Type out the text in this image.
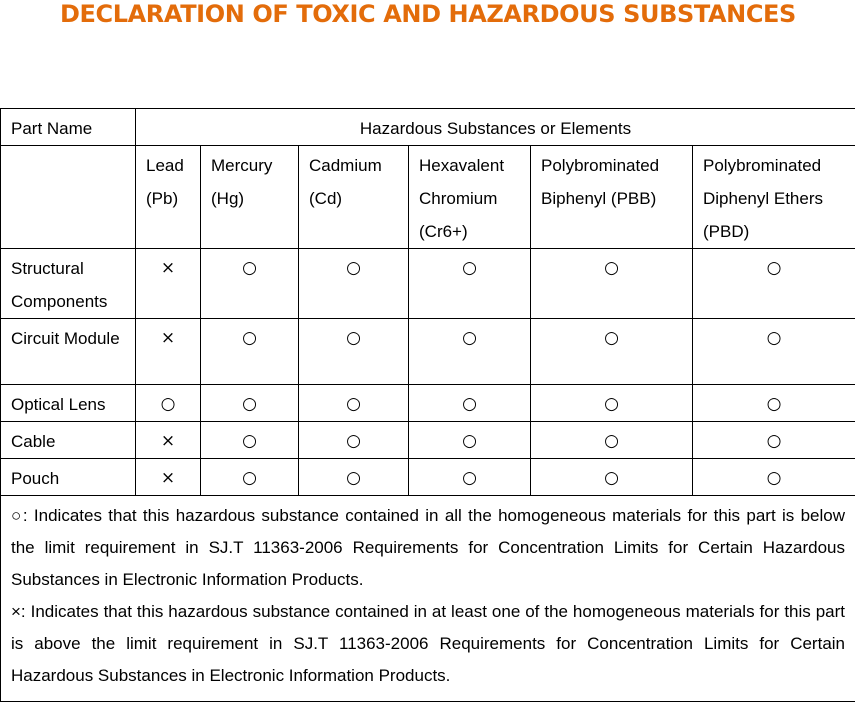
DECLARATION OF TOXIC AND HAZARDOUS SUBSTANCES
Part Name	Hazardous Substances or Elements					
	Lead (Pb)	Mercury (Hg)	Cadmium (Cd)	Hexavalent Chromium (Cr6+)	Polybrominated Biphenyl (PBB)	Polybrominated Diphenyl Ethers (PBD)
Structural Components	×	○	○	○	○	○
Circuit Module	×	○	○	○	○	○
Optical Lens	○	○	○	○	○	○
Cable	×	○	○	○	○	○
Pouch	×	○	○	○	○	○

○: Indicates that this hazardous substance contained in all the homogeneous materials for this part is below the limit requirement in SJ.T 11363-2006 Requirements for Concentration Limits for Certain Hazardous Substances in Electronic Information Products.
×: Indicates that this hazardous substance contained in at least one of the homogeneous materials for this part is above the limit requirement in SJ.T 11363-2006 Requirements for Concentration Limits for Certain Hazardous Substances in Electronic Information Products.						
